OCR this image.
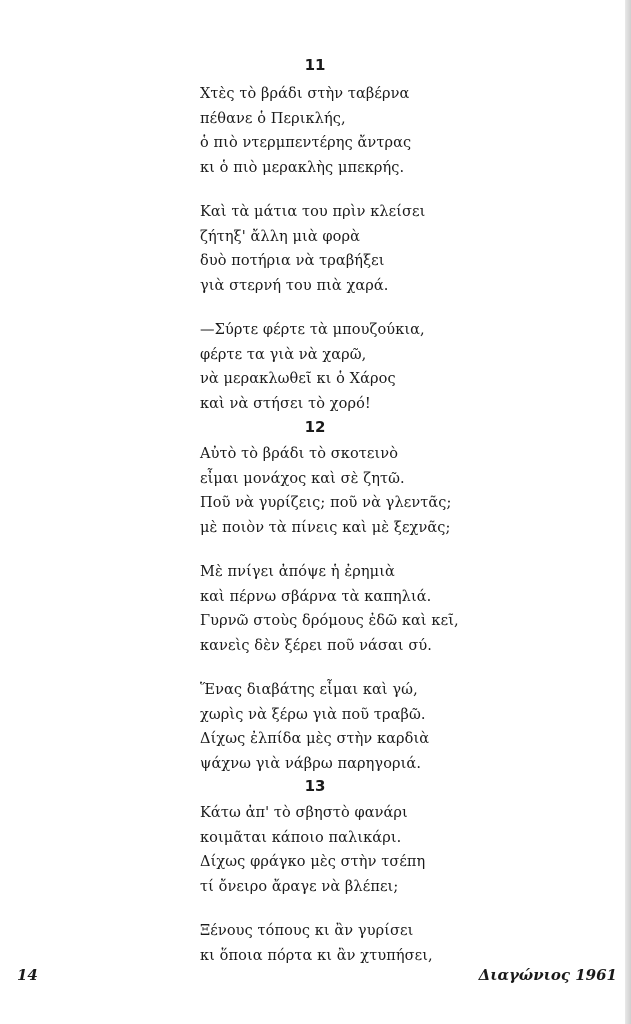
11
Χτὲς τὸ βράδι στὴν ταβέρνα
πέθανε ὁ Περικλής,
ὁ πιὸ ντερμπεντέρης ἄντρας
κι ὁ πιὸ μερακλὴς μπεκρής.
Καὶ τὰ μάτια του πρὶν κλείσει
ζήτηξ' ἄλλη μιὰ φορὰ
δυὸ ποτήρια νὰ τραβήξει
γιὰ στερνή του πιὰ χαρά.
—Σύρτε φέρτε τὰ μπουζούκια,
φέρτε τα γιὰ νὰ χαρῶ,
νὰ μερακλωθεῖ κι ὁ Χάρος
καὶ νὰ στήσει τὸ χορό!
12
Αὐτὸ τὸ βράδι τὸ σκοτεινὸ
εἶμαι μονάχος καὶ σὲ ζητῶ.
Ποῦ νὰ γυρίζεις; ποῦ νὰ γλεντᾶς;
μὲ ποιὸν τὰ πίνεις καὶ μὲ ξεχνᾶς;
Μὲ πνίγει ἀπόψε ἡ ἐρημιὰ
καὶ πέρνω σβάρνα τὰ καπηλιά.
Γυρνῶ στοὺς δρόμους ἐδῶ καὶ κεῖ,
κανεὶς δὲν ξέρει ποῦ νάσαι σύ.
Ἕνας διαβάτης εἶμαι καὶ γώ,
χωρὶς νὰ ξέρω γιὰ ποῦ τραβῶ.
Δίχως ἐλπίδα μὲς στὴν καρδιὰ
ψάχνω γιὰ νάβρω παρηγοριά.
13
Κάτω ἀπ' τὸ σβηστὸ φανάρι
κοιμᾶται κάποιο παλικάρι.
Δίχως φράγκο μὲς στὴν τσέπη
τί ὄνειρο ἄραγε νὰ βλέπει;
Ξένους τόπους κι ἂν γυρίσει
κι ὅποια πόρτα κι ἂν χτυπήσει,
14	Διαγώνιος 1961
